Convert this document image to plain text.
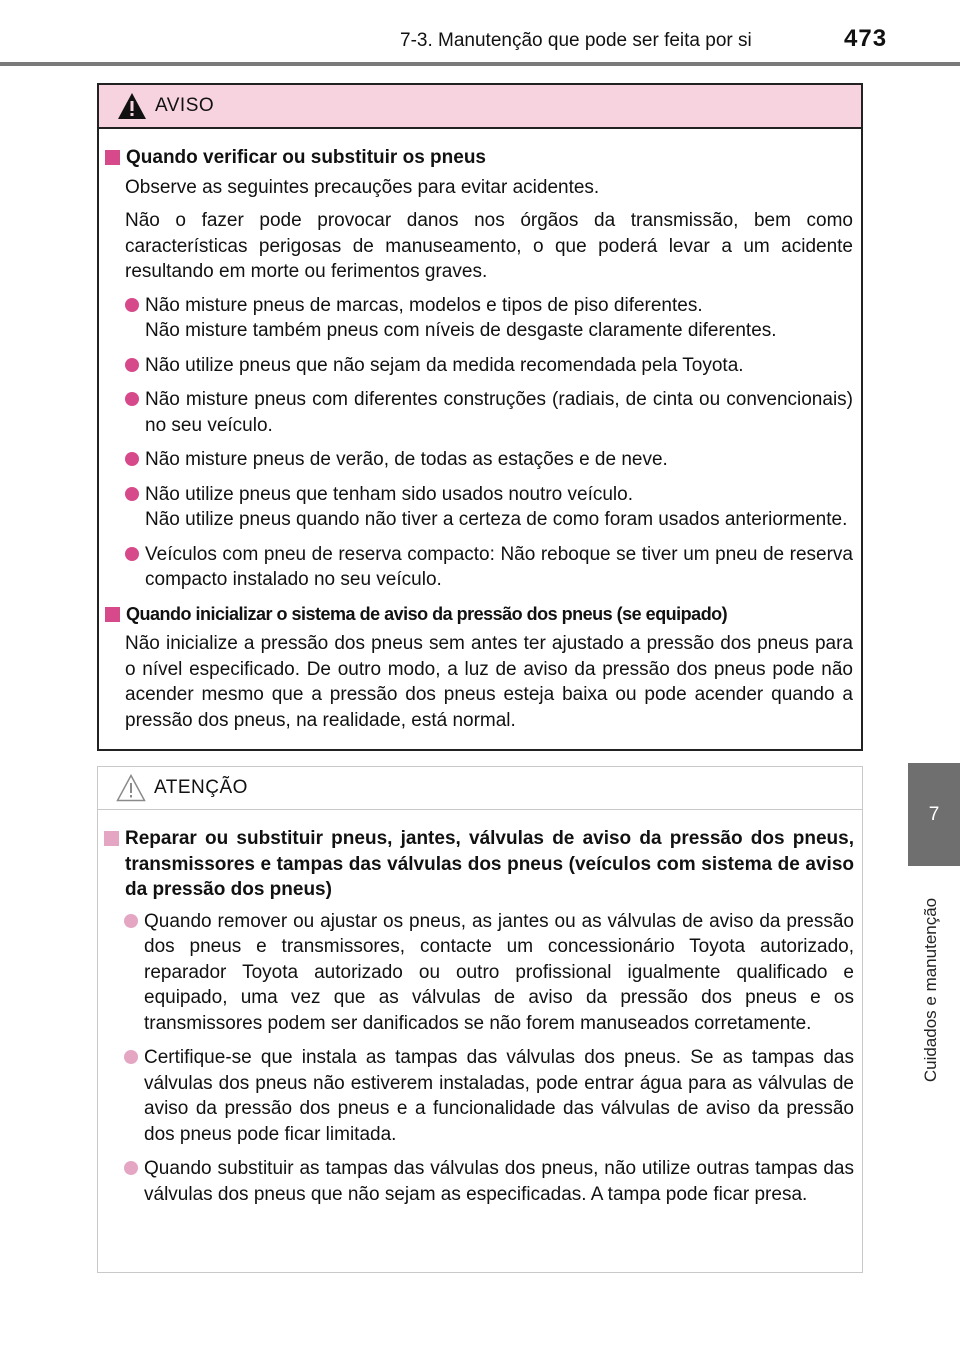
7-3. Manutenção que pode ser feita por si	473
7
Cuidados e manutenção
AVISO
Quando verificar ou substituir os pneus

Observe as seguintes precauções para evitar acidentes.

Não o fazer pode provocar danos nos órgãos da transmissão, bem como características perigosas de manuseamento, o que poderá levar a um acidente resultando em morte ou ferimentos graves.

Não misture pneus de marcas, modelos e tipos de piso diferentes.
Não misture também pneus com níveis de desgaste claramente diferentes.
Não utilize pneus que não sejam da medida recomendada pela Toyota.
Não misture pneus com diferentes construções (radiais, de cinta ou convencionais) no seu veículo.
Não misture pneus de verão, de todas as estações e de neve.
Não utilize pneus que tenham sido usados noutro veículo.
Não utilize pneus quando não tiver a certeza de como foram usados anteriormente.
Veículos com pneu de reserva compacto: Não reboque se tiver um pneu de reserva compacto instalado no seu veículo.
Quando inicializar o sistema de aviso da pressão dos pneus (se equipado)

Não inicialize a pressão dos pneus sem antes ter ajustado a pressão dos pneus para o nível especificado. De outro modo, a luz de aviso da pressão dos pneus pode não acender mesmo que a pressão dos pneus esteja baixa ou pode acender quando a pressão dos pneus, na realidade, está normal.

ATENÇÃO
Reparar ou substituir pneus, jantes, válvulas de aviso da pressão dos pneus, transmissores e tampas das válvulas dos pneus (veículos com sistema de aviso da pressão dos pneus)
Quando remover ou ajustar os pneus, as jantes ou as válvulas de aviso da pressão dos pneus e transmissores, contacte um concessionário Toyota autorizado, reparador Toyota autorizado ou outro profissional igualmente qualificado e equipado, uma vez que as válvulas de aviso da pressão dos pneus e os transmissores podem ser danificados se não forem manuseados corretamente.
Certifique-se que instala as tampas das válvulas dos pneus. Se as tampas das válvulas dos pneus não estiverem instaladas, pode entrar água para as válvulas de aviso da pressão dos pneus e a funcionalidade das válvulas de aviso da pressão dos pneus pode ficar limitada.
Quando substituir as tampas das válvulas dos pneus, não utilize outras tampas das válvulas dos pneus que não sejam as especificadas. A tampa pode ficar presa.
